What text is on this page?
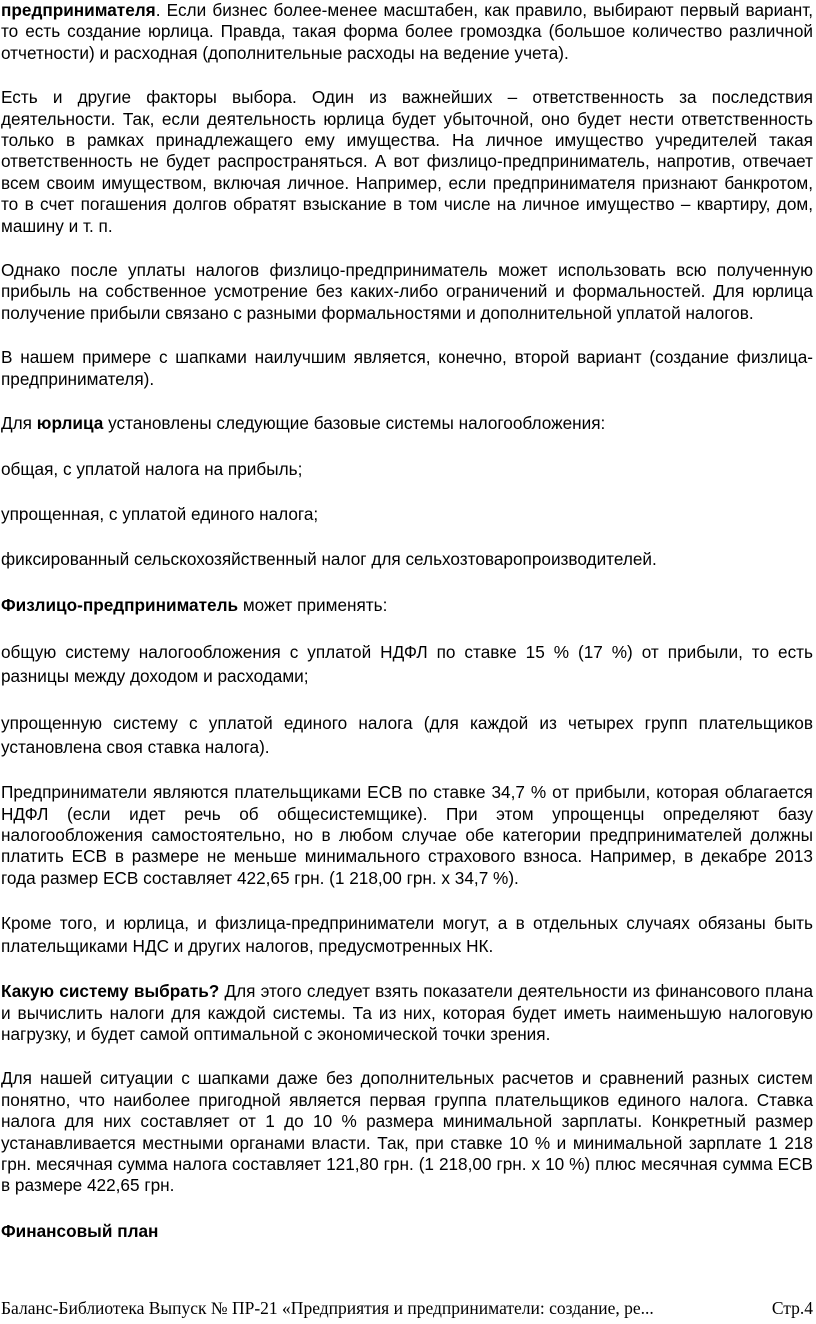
предпринимателя. Если бизнес более-менее масштабен, как правило, выбирают первый вариант, то есть создание юрлица. Правда, такая форма более громоздка (большое количество различной отчетности) и расходная (дополнительные расходы на ведение учета).

Есть и другие факторы выбора. Один из важнейших – ответственность за последствия деятельности. Так, если деятельность юрлица будет убыточной, оно будет нести ответственность только в рамках принадлежащего ему имущества. На личное имущество учредителей такая ответственность не будет распространяться. А вот физлицо-предприниматель, напротив, отвечает всем своим имуществом, включая личное. Например, если предпринимателя признают банкротом, то в счет погашения долгов обратят взыскание в том числе на личное имущество – квартиру, дом, машину и т. п.

Однако после уплаты налогов физлицо-предприниматель может использовать всю полученную прибыль на собственное усмотрение без каких-либо ограничений и формальностей. Для юрлица получение прибыли связано с разными формальностями и дополнительной уплатой налогов.

В нашем примере с шапками наилучшим является, конечно, второй вариант (создание физлица-предпринимателя).

Для юрлица установлены следующие базовые системы налогообложения:

общая, с уплатой налога на прибыль;

упрощенная, с уплатой единого налога;

фиксированный сельскохозяйственный налог для сельхозтоваропроизводителей.

Физлицо-предприниматель может применять:

общую систему налогообложения с уплатой НДФЛ по ставке 15 % (17 %) от прибыли, то есть разницы между доходом и расходами;

упрощенную систему с уплатой единого налога (для каждой из четырех групп плательщиков установлена своя ставка налога).

Предприниматели являются плательщиками ЕСВ по ставке 34,7 % от прибыли, которая облагается НДФЛ (если идет речь об общесистемщике). При этом упрощенцы определяют базу налогообложения самостоятельно, но в любом случае обе категории предпринимателей должны платить ЕСВ в размере не меньше минимального страхового взноса. Например, в декабре 2013 года размер ЕСВ составляет 422,65 грн. (1 218,00 грн. х 34,7 %).

Кроме того, и юрлица, и физлица-предприниматели могут, а в отдельных случаях обязаны быть плательщиками НДС и других налогов, предусмотренных НК.

Какую систему выбрать? Для этого следует взять показатели деятельности из финансового плана и вычислить налоги для каждой системы. Та из них, которая будет иметь наименьшую налоговую нагрузку, и будет самой оптимальной с экономической точки зрения.

Для нашей ситуации с шапками даже без дополнительных расчетов и сравнений разных систем понятно, что наиболее пригодной является первая группа плательщиков единого налога. Ставка налога для них составляет от 1 до 10 % размера минимальной зарплаты. Конкретный размер устанавливается местными органами власти. Так, при ставке 10 % и минимальной зарплате 1 218 грн. месячная сумма налога составляет 121,80 грн. (1 218,00 грн. х 10 %) плюс месячная сумма ЕСВ в размере 422,65 грн.

Финансовый план

Баланс-Библиотека Выпуск № ПР-21 «Предприятия и предприниматели: создание, ре...	Стр.4
